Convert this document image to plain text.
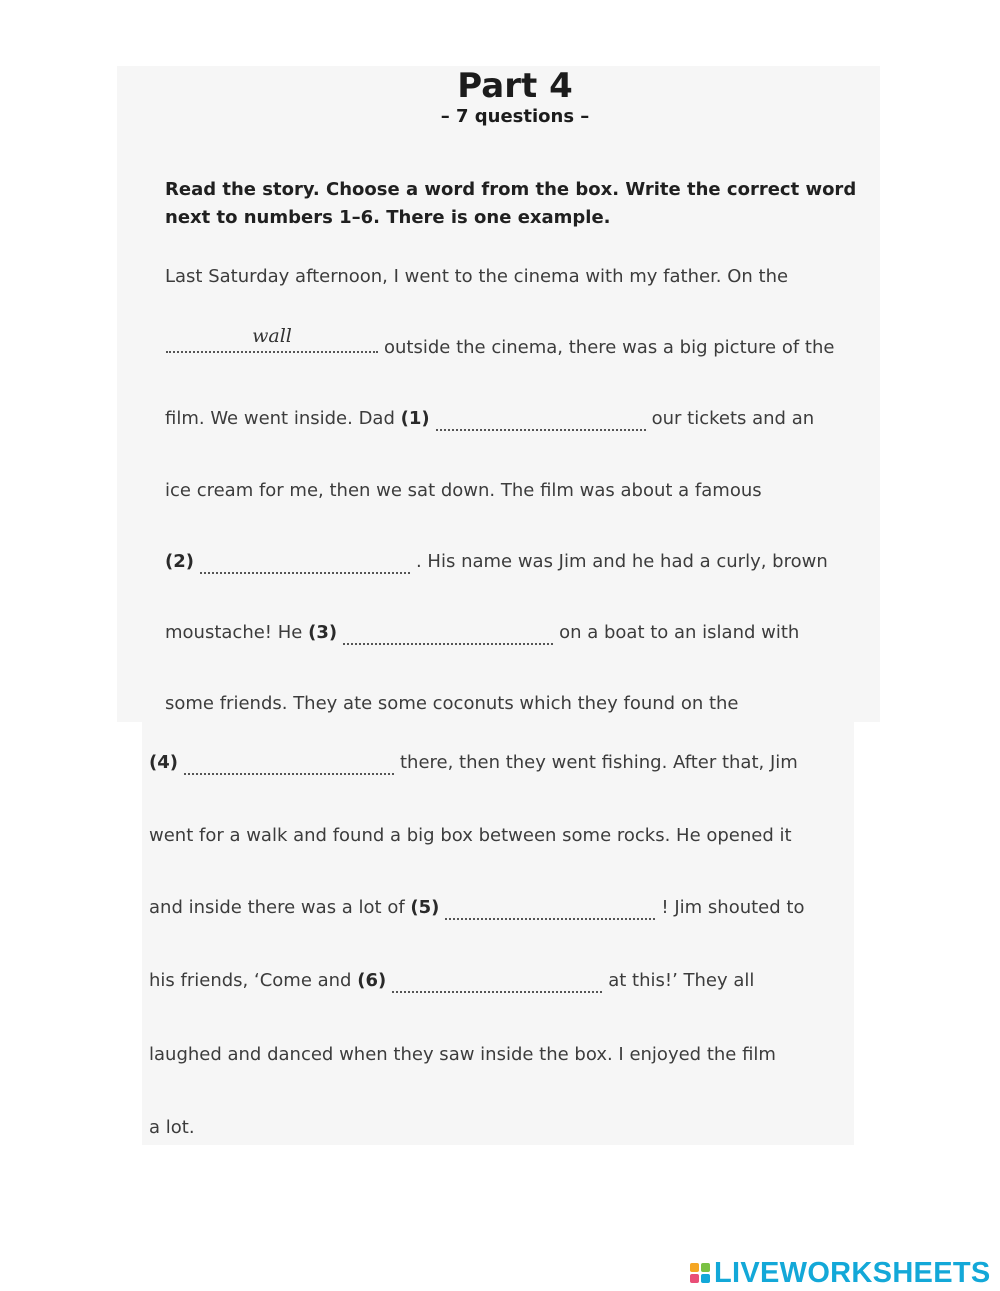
Part 4
– 7 questions –
Read the story. Choose a word from the box. Write the correct word next to numbers 1–6. There is one example.
Last Saturday afternoon, I went to the cinema with my father. On the
wall
outside the cinema, there was a big picture of the
film. We went inside. Dad (1)	our tickets and an
ice cream for me, then we sat down. The film was about a famous
(2)	. His name was Jim and he had a curly, brown
moustache! He (3)	on a boat to an island with
some friends. They ate some coconuts which they found on the
(4)	there, then they went fishing. After that, Jim
went for a walk and found a big box between some rocks. He opened it
and inside there was a lot of (5)	! Jim shouted to
his friends, ‘Come and (6)	at this!’ They all
laughed and danced when they saw inside the box. I enjoyed the film
a lot.
LIVEWORKSHEETS
